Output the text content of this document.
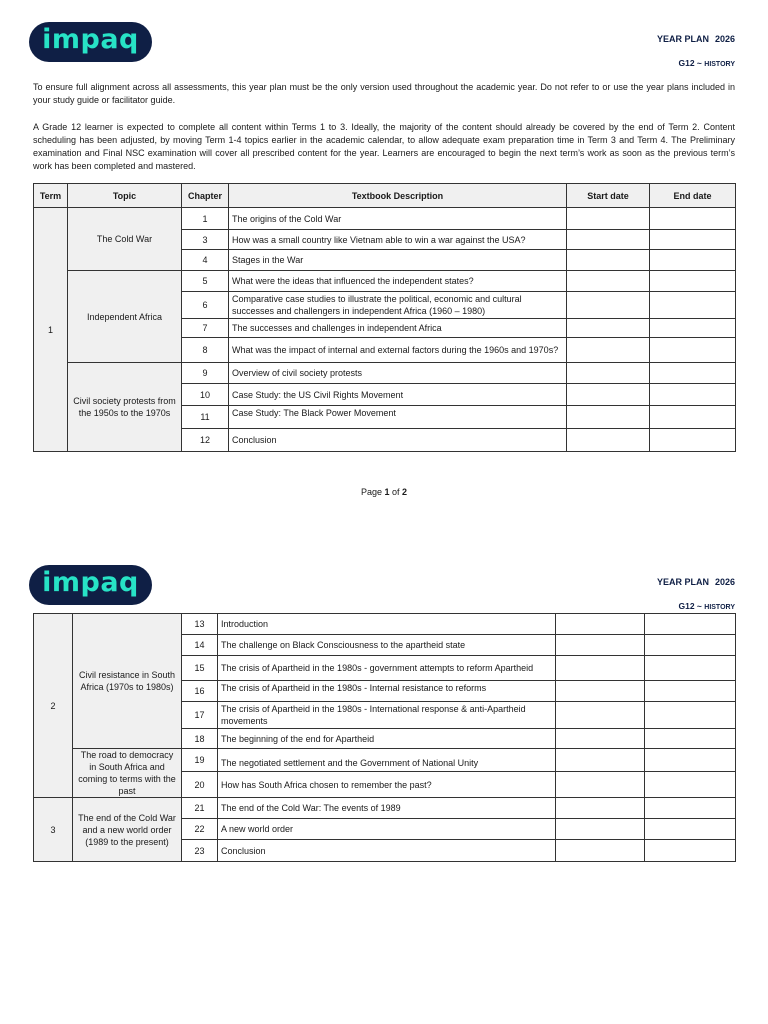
impaq	YEAR PLAN 2026
G12 ~ HISTORY

To ensure full alignment across all assessments, this year plan must be the only version used throughout the academic year. Do not refer to or use the year plans included in your study guide or facilitator guide.

A Grade 12 learner is expected to complete all content within Terms 1 to 3. Ideally, the majority of the content should already be covered by the end of Term 2. Content scheduling has been adjusted, by moving Term 1-4 topics earlier in the academic calendar, to allow adequate exam preparation time in Term 3 and Term 4. The Preliminary examination and Final NSC examination will cover all prescribed content for the year. Learners are encouraged to begin the next term’s work as soon as the previous term’s work has been completed and mastered.

Term	Topic	Chapter	Textbook Description	Start date	End date
1	The Cold War	1	The origins of the Cold War		
		3	How was a small country like Vietnam able to win a war against the USA?		
		4	Stages in the War		
	Independent Africa	5	What were the ideas that influenced the independent states?		
		6	Comparative case studies to illustrate the political, economic and cultural successes and challengers in independent Africa (1960 – 1980)		
		7	The successes and challenges in independent Africa		
		8	What was the impact of internal and external factors during the 1960s and 1970s?		
	Civil society protests from the 1950s to the 1970s	9	Overview of civil society protests		
		10	Case Study: the US Civil Rights Movement		
		11	Case Study: The Black Power Movement		
		12	Conclusion		
Page 1 of 2
impaq	YEAR PLAN 2026
G12 ~ HISTORY
2	Civil resistance in South Africa (1970s to 1980s)	13	Introduction		
		14	The challenge on Black Consciousness to the apartheid state		
		15	The crisis of Apartheid in the 1980s - government attempts to reform Apartheid		
		16	The crisis of Apartheid in the 1980s - Internal resistance to reforms		
		17	The crisis of Apartheid in the 1980s - International response & anti-Apartheid movements		
		18	The beginning of the end for Apartheid		
	The road to democracy in South Africa and coming to terms with the past	19	The negotiated settlement and the Government of National Unity		
		20	How has South Africa chosen to remember the past?		
3	The end of the Cold War and a new world order (1989 to the present)	21	The end of the Cold War: The events of 1989		
		22	A new world order		
		23	Conclusion		
